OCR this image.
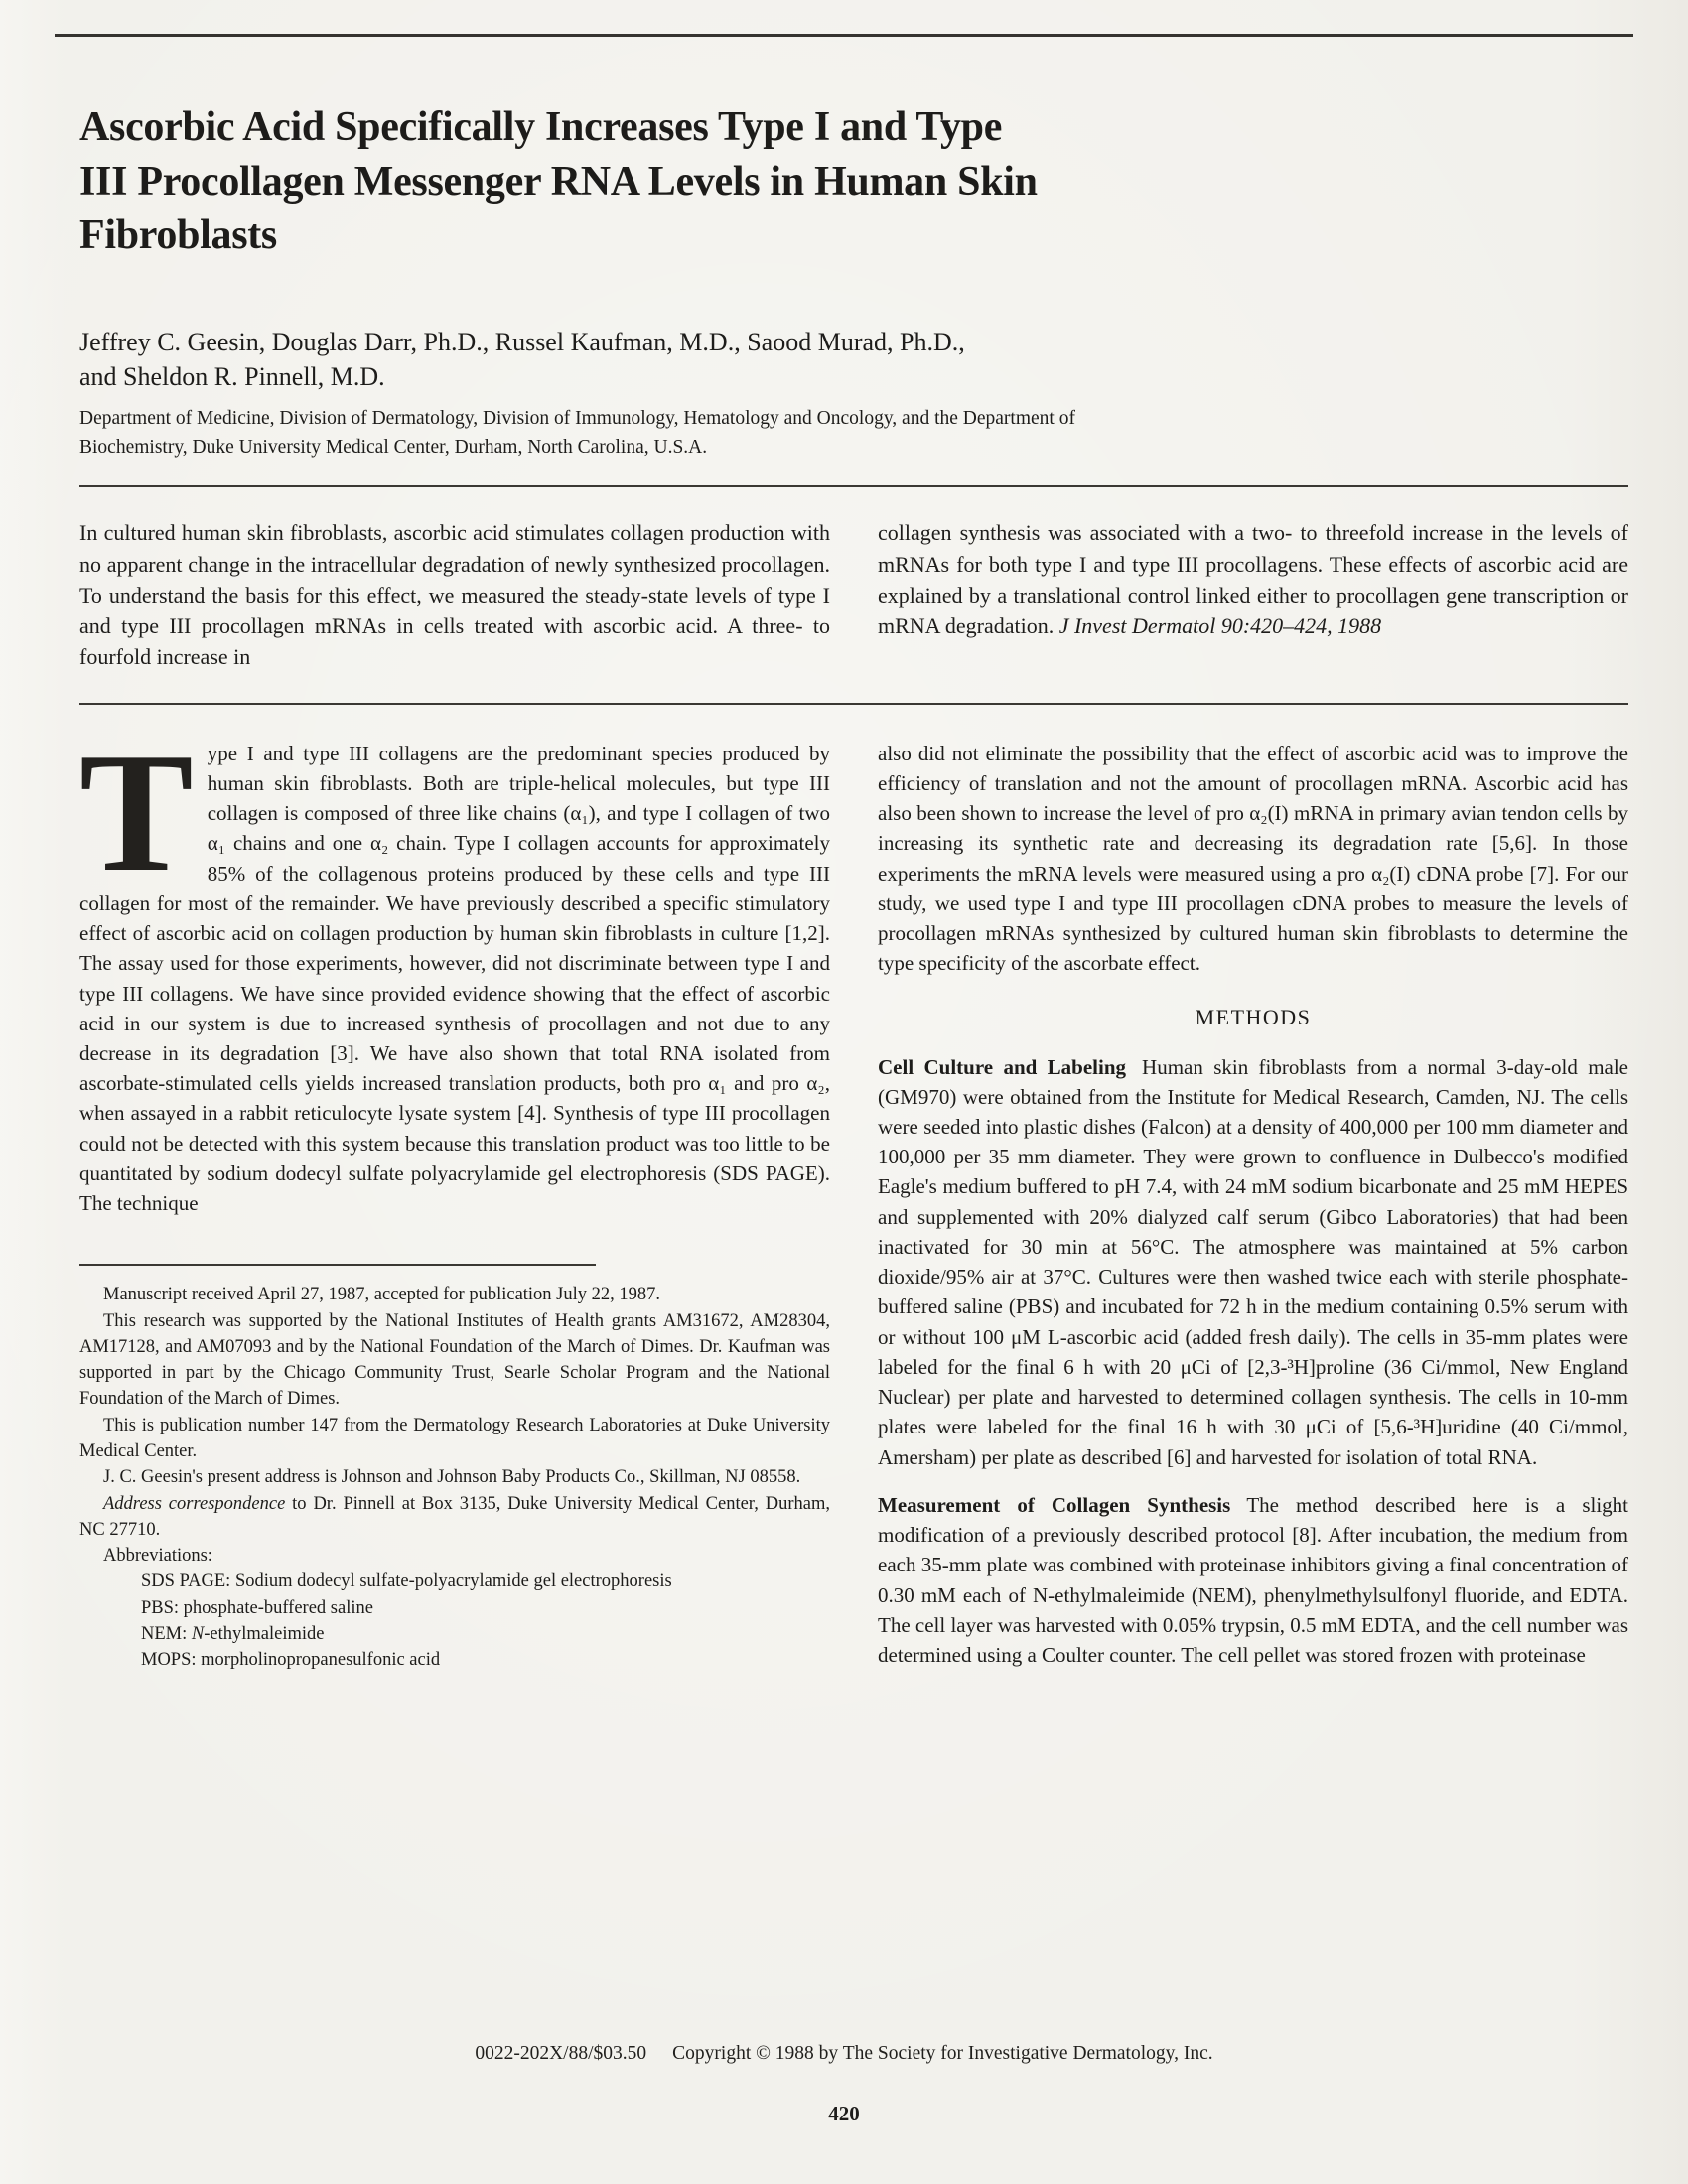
Ascorbic Acid Specifically Increases Type I and Type
III Procollagen Messenger RNA Levels in Human Skin
Fibroblasts

Jeffrey C. Geesin, Douglas Darr, Ph.D., Russel Kaufman, M.D., Saood Murad, Ph.D.,
and Sheldon R. Pinnell, M.D.

Department of Medicine, Division of Dermatology, Division of Immunology, Hematology and Oncology, and the Department of
Biochemistry, Duke University Medical Center, Durham, North Carolina, U.S.A.

In cultured human skin fibroblasts, ascorbic acid stimulates collagen production with no apparent change in the intracellular degradation of newly synthesized procollagen. To understand the basis for this effect, we measured the steady-state levels of type I and type III procollagen mRNAs in cells treated with ascorbic acid. A three- to fourfold increase in

collagen synthesis was associated with a two- to threefold increase in the levels of mRNAs for both type I and type III procollagens. These effects of ascorbic acid are explained by a translational control linked either to procollagen gene transcription or mRNA degradation. J Invest Dermatol 90:420–424, 1988

Type I and type III collagens are the predominant species produced by human skin fibroblasts. Both are triple-helical molecules, but type III collagen is composed of three like chains (α₁), and type I collagen of two α₁ chains and one α₂ chain. Type I collagen accounts for approximately 85% of the collagenous proteins produced by these cells and type III collagen for most of the remainder. We have previously described a specific stimulatory effect of ascorbic acid on collagen production by human skin fibroblasts in culture [1,2]. The assay used for those experiments, however, did not discriminate between type I and type III collagens. We have since provided evidence showing that the effect of ascorbic acid in our system is due to increased synthesis of procollagen and not due to any decrease in its degradation [3]. We have also shown that total RNA isolated from ascorbate-stimulated cells yields increased translation products, both pro α₁ and pro α₂, when assayed in a rabbit reticulocyte lysate system [4]. Synthesis of type III procollagen could not be detected with this system because this translation product was too little to be quantitated by sodium dodecyl sulfate polyacrylamide gel electrophoresis (SDS PAGE). The technique

Manuscript received April 27, 1987, accepted for publication July 22, 1987.

This research was supported by the National Institutes of Health grants AM31672, AM28304, AM17128, and AM07093 and by the National Foundation of the March of Dimes. Dr. Kaufman was supported in part by the Chicago Community Trust, Searle Scholar Program and the National Foundation of the March of Dimes.

This is publication number 147 from the Dermatology Research Laboratories at Duke University Medical Center.

J. C. Geesin's present address is Johnson and Johnson Baby Products Co., Skillman, NJ 08558.

Address correspondence to Dr. Pinnell at Box 3135, Duke University Medical Center, Durham, NC 27710.

Abbreviations:

SDS PAGE: Sodium dodecyl sulfate-polyacrylamide gel electrophoresis

PBS: phosphate-buffered saline

NEM: N-ethylmaleimide

MOPS: morpholinopropanesulfonic acid

also did not eliminate the possibility that the effect of ascorbic acid was to improve the efficiency of translation and not the amount of procollagen mRNA. Ascorbic acid has also been shown to increase the level of pro α₂(I) mRNA in primary avian tendon cells by increasing its synthetic rate and decreasing its degradation rate [5,6]. In those experiments the mRNA levels were measured using a pro α₂(I) cDNA probe [7]. For our study, we used type I and type III procollagen cDNA probes to measure the levels of procollagen mRNAs synthesized by cultured human skin fibroblasts to determine the type specificity of the ascorbate effect.

METHODS

Cell Culture and Labeling Human skin fibroblasts from a normal 3-day-old male (GM970) were obtained from the Institute for Medical Research, Camden, NJ. The cells were seeded into plastic dishes (Falcon) at a density of 400,000 per 100 mm diameter and 100,000 per 35 mm diameter. They were grown to confluence in Dulbecco's modified Eagle's medium buffered to pH 7.4, with 24 mM sodium bicarbonate and 25 mM HEPES and supplemented with 20% dialyzed calf serum (Gibco Laboratories) that had been inactivated for 30 min at 56°C. The atmosphere was maintained at 5% carbon dioxide/95% air at 37°C. Cultures were then washed twice each with sterile phosphate-buffered saline (PBS) and incubated for 72 h in the medium containing 0.5% serum with or without 100 μM L-ascorbic acid (added fresh daily). The cells in 35-mm plates were labeled for the final 6 h with 20 μCi of [2,3-³H]proline (36 Ci/mmol, New England Nuclear) per plate and harvested to determined collagen synthesis. The cells in 10-mm plates were labeled for the final 16 h with 30 μCi of [5,6-³H]uridine (40 Ci/mmol, Amersham) per plate as described [6] and harvested for isolation of total RNA.

Measurement of Collagen Synthesis The method described here is a slight modification of a previously described protocol [8]. After incubation, the medium from each 35-mm plate was combined with proteinase inhibitors giving a final concentration of 0.30 mM each of N-ethylmaleimide (NEM), phenylmethylsulfonyl fluoride, and EDTA. The cell layer was harvested with 0.05% trypsin, 0.5 mM EDTA, and the cell number was determined using a Coulter counter. The cell pellet was stored frozen with proteinase

0022-202X/88/$03.50 Copyright © 1988 by The Society for Investigative Dermatology, Inc.
420
